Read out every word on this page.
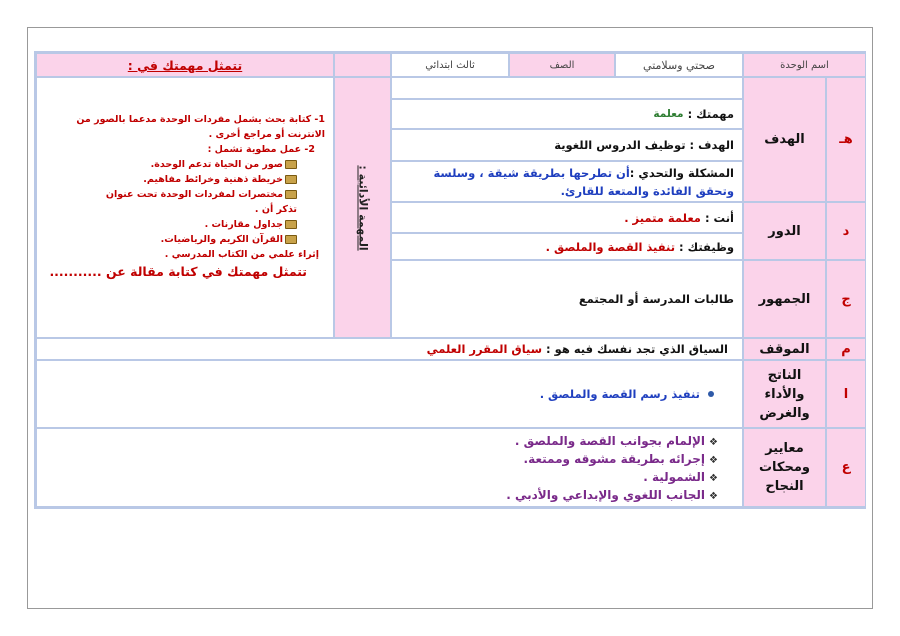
اسم الوحدة
صحتي وسلامتي
الصف
ثالث ابتدائي
تتمثل مهمتك في :
هـ
الهدف
د
الدور
ج
الجمهور
م
الموقف
ا
الناتج والأداء والغرض
ع
معايير ومحكات النجاح
مهمتك :

معلمة
الهدف :

توظيف الدروس اللغوية
المشكلة والتحدي :أن تطرحها بطريقة شيقة ، وسلسة وتحقق الفائدة والمتعة للقارئ.
أنت :

معلمة متميز .
وظيفتك :

تنفيذ القصة والملصق .
طالبات المدرسة أو المجتمع
المهمة الأدائية :
1- كتابة بحث يشمل مفردات الوحدة مدعما بالصور من الانترنت أو مراجع أخرى .
2- عمل مطوية تشمل :
صور من الحياة تدعم الوحدة.
خريطة ذهنية وخرائط مفاهيم.
مختصرات لمفردات الوحدة تحت عنوان تذكر أن .
جداول مقارنات .
القرآن الكريم والرياضيات.
إثراء علمي من الكتاب المدرسي .
تتمثل مهمتك في كتابة مقالة عن ...........
السياق الذي تجد نفسك فيه هو :

سياق المقرر العلمي
تنفيذ رسم القصة والملصق .
❖الإلمام بجوانب القصة والملصق .
❖إجرائه بطريقة مشوقه وممتعة.
❖الشمولية .
❖الجانب اللغوي والإبداعي والأدبي .
